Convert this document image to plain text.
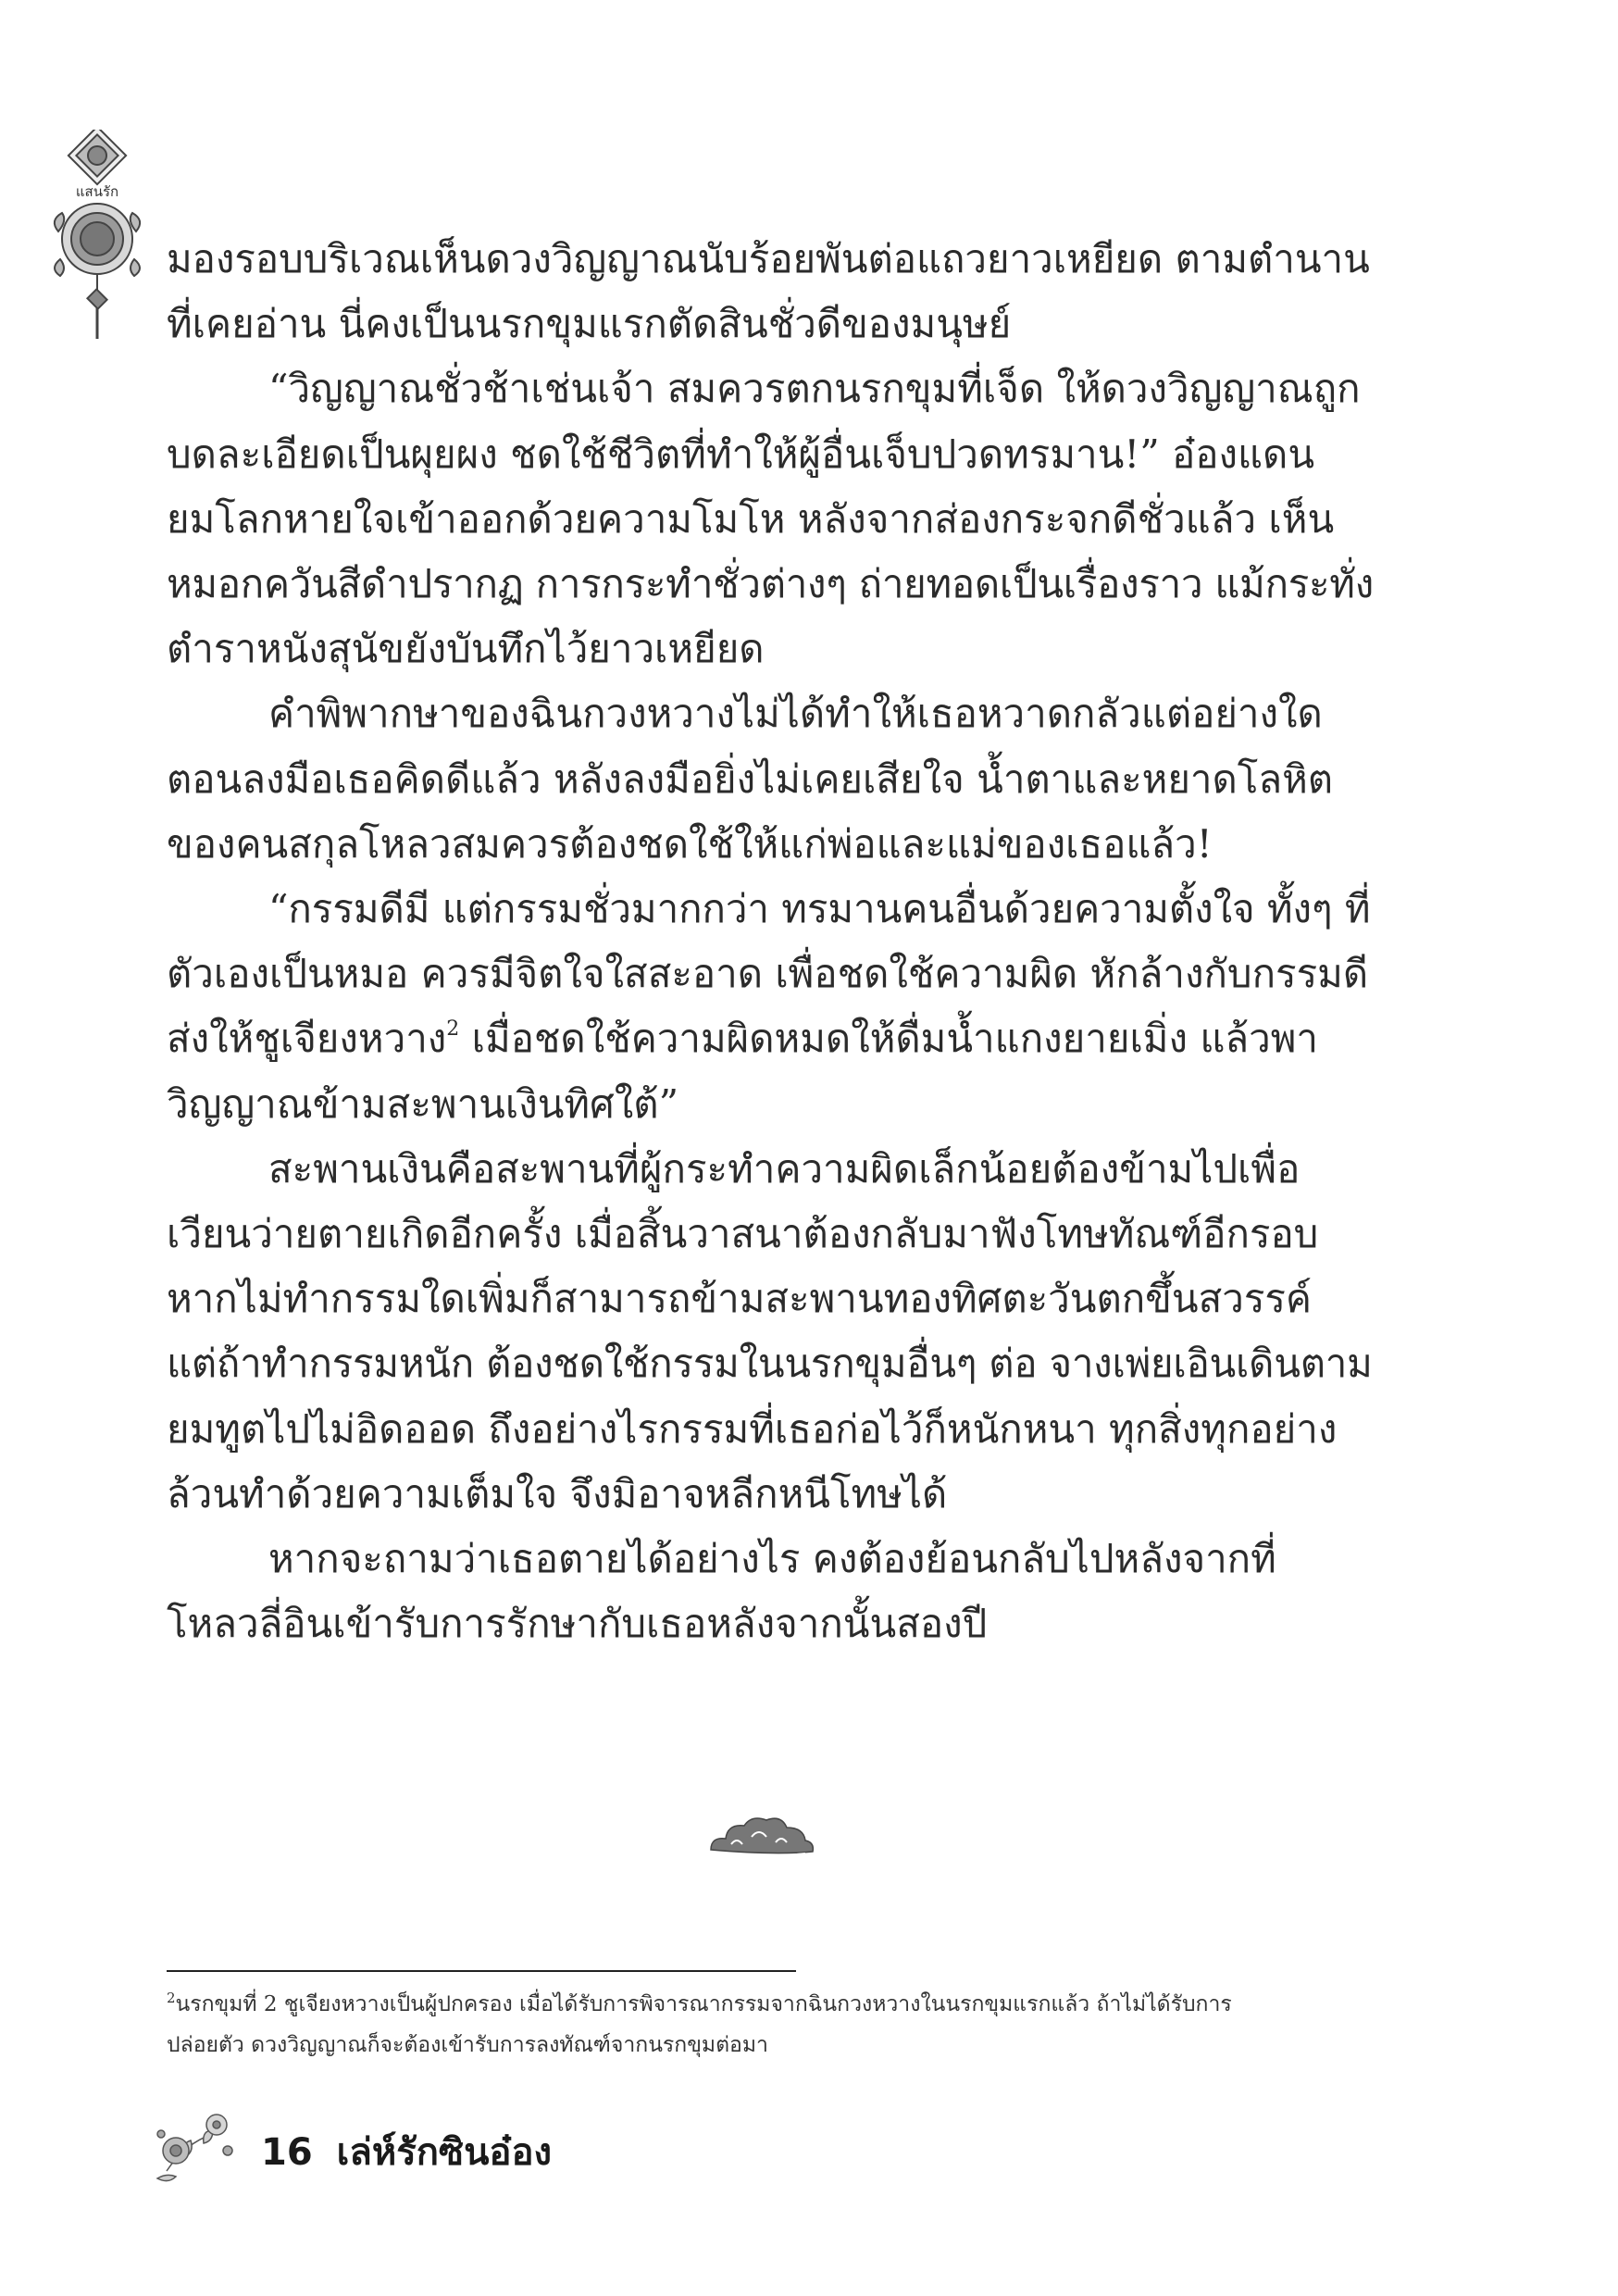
แสนรัก
มองรอบบริเวณเห็นดวงวิญญาณนับร้อยพันต่อแถวยาวเหยียด ตามตำนาน
ที่เคยอ่าน นี่คงเป็นนรกขุมแรกตัดสินชั่วดีของมนุษย์
“วิญญาณชั่วช้าเช่นเจ้า สมควรตกนรกขุมที่เจ็ด ให้ดวงวิญญาณถูก
บดละเอียดเป็นผุยผง ชดใช้ชีวิตที่ทำให้ผู้อื่นเจ็บปวดทรมาน!” อ๋องแดน
ยมโลกหายใจเข้าออกด้วยความโมโห หลังจากส่องกระจกดีชั่วแล้ว เห็น
หมอกควันสีดำปรากฏ การกระทำชั่วต่างๆ ถ่ายทอดเป็นเรื่องราว แม้กระทั่ง
ตำราหนังสุนัขยังบันทึกไว้ยาวเหยียด
คำพิพากษาของฉินกวงหวางไม่ได้ทำให้เธอหวาดกลัวแต่อย่างใด
ตอนลงมือเธอคิดดีแล้ว หลังลงมือยิ่งไม่เคยเสียใจ น้ำตาและหยาดโลหิต
ของคนสกุลโหลวสมควรต้องชดใช้ให้แก่พ่อและแม่ของเธอแล้ว!
“กรรมดีมี แต่กรรมชั่วมากกว่า ทรมานคนอื่นด้วยความตั้งใจ ทั้งๆ ที่
ตัวเองเป็นหมอ ควรมีจิตใจใสสะอาด เพื่อชดใช้ความผิด หักล้างกับกรรมดี
ส่งให้ชูเจียงหวาง$^2$ เมื่อชดใช้ความผิดหมดให้ดื่มน้ำแกงยายเมิ่ง แล้วพา
วิญญาณข้ามสะพานเงินทิศใต้”
สะพานเงินคือสะพานที่ผู้กระทำความผิดเล็กน้อยต้องข้ามไปเพื่อ
เวียนว่ายตายเกิดอีกครั้ง เมื่อสิ้นวาสนาต้องกลับมาฟังโทษทัณฑ์อีกรอบ
หากไม่ทำกรรมใดเพิ่มก็สามารถข้ามสะพานทองทิศตะวันตกขึ้นสวรรค์
แต่ถ้าทำกรรมหนัก ต้องชดใช้กรรมในนรกขุมอื่นๆ ต่อ จางเพ่ยเอินเดินตาม
ยมทูตไปไม่อิดออด ถึงอย่างไรกรรมที่เธอก่อไว้ก็หนักหนา ทุกสิ่งทุกอย่าง
ล้วนทำด้วยความเต็มใจ จึงมิอาจหลีกหนีโทษได้
หากจะถามว่าเธอตายได้อย่างไร คงต้องย้อนกลับไปหลังจากที่
โหลวลี่อินเข้ารับการรักษากับเธอหลังจากนั้นสองปี
$^2$นรกขุมที่ 2 ชูเจียงหวางเป็นผู้ปกครอง เมื่อได้รับการพิจารณากรรมจากฉินกวงหวางในนรกขุมแรกแล้ว ถ้าไม่ได้รับการ
ปล่อยตัว ดวงวิญญาณก็จะต้องเข้ารับการลงทัณฑ์จากนรกขุมต่อมา
16 เล่ห์รักซินอ๋อง
